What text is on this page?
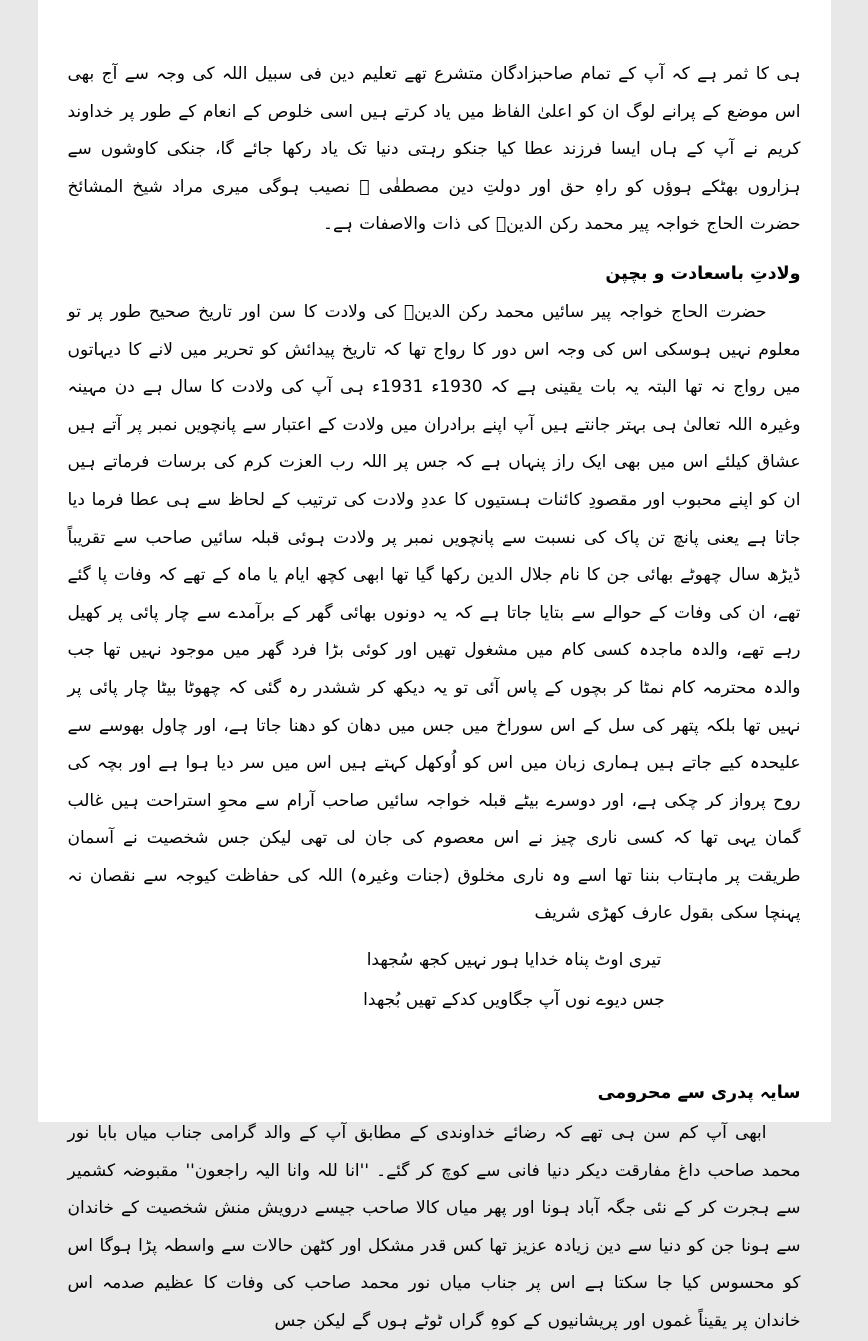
ہی کا ثمر ہے کہ آپ کے تمام صاحبزادگان متشرع تھے تعلیم دین فی سبیل اللہ کی وجہ سے آج بھی اس موضع کے پرانے لوگ ان کو اعلیٰ الفاظ میں یاد کرتے ہیں اسی خلوص کے انعام کے طور پر خداوند کریم نے آپ کے ہاں ایسا فرزند عطا کیا جنکو رہتی دنیا تک یاد رکھا جائے گا، جنکی کاوشوں سے ہزاروں بھٹکے ہوؤں کو راہِ حق اور دولتِ دین مصطفٰی ﷺ نصیب ہوگی میری مراد شیخ المشائخ حضرت الحاج خواجہ پیر محمد رکن الدینؒ کی ذات والاصفات ہے۔

ولادتِ باسعادت و بچپن

حضرت الحاج خواجہ پیر سائیں محمد رکن الدینؒ کی ولادت کا سن اور تاریخ صحیح طور پر تو معلوم نہیں ہوسکی اس کی وجہ اس دور کا رواج تھا کہ تاریخ پیدائش کو تحریر میں لانے کا دیہاتوں میں رواج نہ تھا البتہ یہ بات یقینی ہے کہ 1930ء 1931ء ہی آپ کی ولادت کا سال ہے دن مہینہ وغیرہ اللہ تعالیٰ ہی بہتر جانتے ہیں آپ اپنے برادران میں ولادت کے اعتبار سے پانچویں نمبر پر آتے ہیں عشاق کیلئے اس میں بھی ایک راز پنہاں ہے کہ جس پر اللہ رب العزت کرم کی برسات فرماتے ہیں ان کو اپنے محبوب اور مقصودِ کائنات ہستیوں کا عددِ ولادت کی ترتیب کے لحاظ سے ہی عطا فرما دیا جاتا ہے یعنی پانچ تن پاک کی نسبت سے پانچویں نمبر پر ولادت ہوئی قبلہ سائیں صاحب سے تقریباً ڈیڑھ سال چھوٹے بھائی جن کا نام جلال الدین رکھا گیا تھا ابھی کچھ ایام یا ماہ کے تھے کہ وفات پا گئے تھے، ان کی وفات کے حوالے سے بتایا جاتا ہے کہ یہ دونوں بھائی گھر کے برآمدے سے چار پائی پر کھیل رہے تھے، والدہ ماجدہ کسی کام میں مشغول تھیں اور کوئی بڑا فرد گھر میں موجود نہیں تھا جب والدہ محترمہ کام نمٹا کر بچوں کے پاس آئی تو یہ دیکھ کر ششدر رہ گئی کہ چھوٹا بیٹا چار پائی پر نہیں تھا بلکہ پتھر کی سل کے اس سوراخ میں جس میں دھان کو دھنا جاتا ہے، اور چاول بھوسے سے علیحدہ کیے جاتے ہیں ہماری زبان میں اس کو اُوکھل کہتے ہیں اس میں سر دیا ہوا ہے اور بچہ کی روح پرواز کر چکی ہے، اور دوسرے بیٹے قبلہ خواجہ سائیں صاحب آرام سے محوِ استراحت ہیں غالب گمان یہی تھا کہ کسی ناری چیز نے اس معصوم کی جان لی تھی لیکن جس شخصیت نے آسمان طریقت پر ماہتاب بننا تھا اسے وہ ناری مخلوق (جنات وغیرہ) اللہ کی حفاظت کیوجہ سے نقصان نہ پہنچا سکی بقول عارف کھڑی شریف

تیری اوٹ پناہ خدایا ہور نہیں کجھ سُجھدا

جس دیوے نوں آپ جگاویں کدکے تھیں بُجھدا

سایہ پدری سے محرومی

ابھی آپ کم سن ہی تھے کہ رضائے خداوندی کے مطابق آپ کے والد گرامی جناب میاں بابا نور محمد صاحب داغ مفارقت دیکر دنیا فانی سے کوچ کر گئے۔ ''انا للہ وانا الیہ راجعون'' مقبوضہ کشمیر سے ہجرت کر کے نئی جگہ آباد ہونا اور پھر میاں کالا صاحب جیسے درویش منش شخصیت کے خاندان سے ہونا جن کو دنیا سے دین زیادہ عزیز تھا کس قدر مشکل اور کٹھن حالات سے واسطہ پڑا ہوگا اس کو محسوس کیا جا سکتا ہے اس پر جناب میاں نور محمد صاحب کی وفات کا عظیم صدمہ اس خاندان پر یقیناً غموں اور پریشانیوں کے کوہِ گراں ٹوٹے ہوں گے لیکن جس
